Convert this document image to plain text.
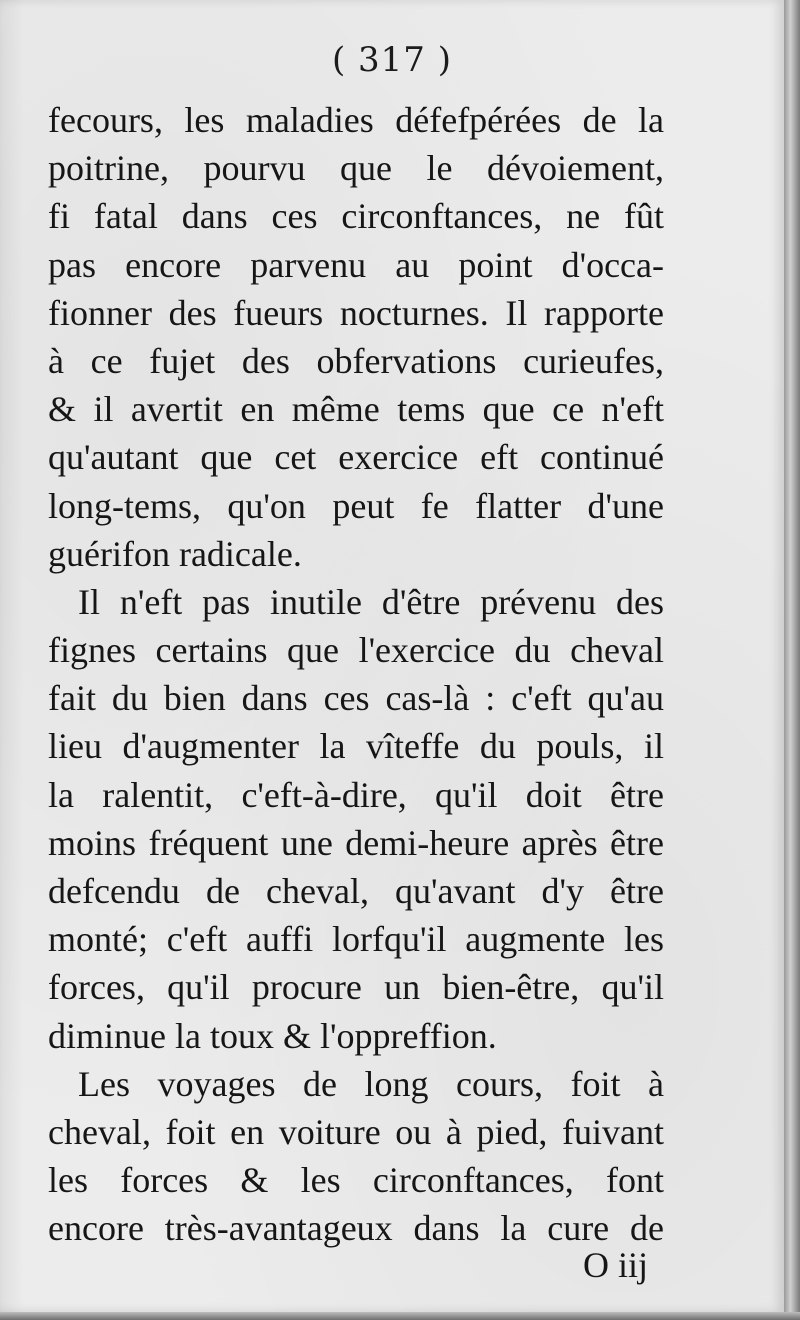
( 317 )
fecours, les maladies défefpérées de la
poitrine, pourvu que le dévoiement,
fi fatal dans ces circonftances, ne fût
pas encore parvenu au point d'occa-
fionner des fueurs nocturnes. Il rapporte
à ce fujet des obfervations curieufes,
& il avertit en même tems que ce n'eft
qu'autant que cet exercice eft continué
long-tems, qu'on peut fe flatter d'une
guérifon radicale.
Il n'eft pas inutile d'être prévenu des
fignes certains que l'exercice du cheval
fait du bien dans ces cas-là : c'eft qu'au
lieu d'augmenter la vîteffe du pouls, il
la ralentit, c'eft-à-dire, qu'il doit être
moins fréquent une demi-heure après être
defcendu de cheval, qu'avant d'y être
monté; c'eft auffi lorfqu'il augmente les
forces, qu'il procure un bien-être, qu'il
diminue la toux & l'oppreffion.
Les voyages de long cours, foit à
cheval, foit en voiture ou à pied, fuivant
les forces & les circonftances, font
encore très-avantageux dans la cure de
O iij
